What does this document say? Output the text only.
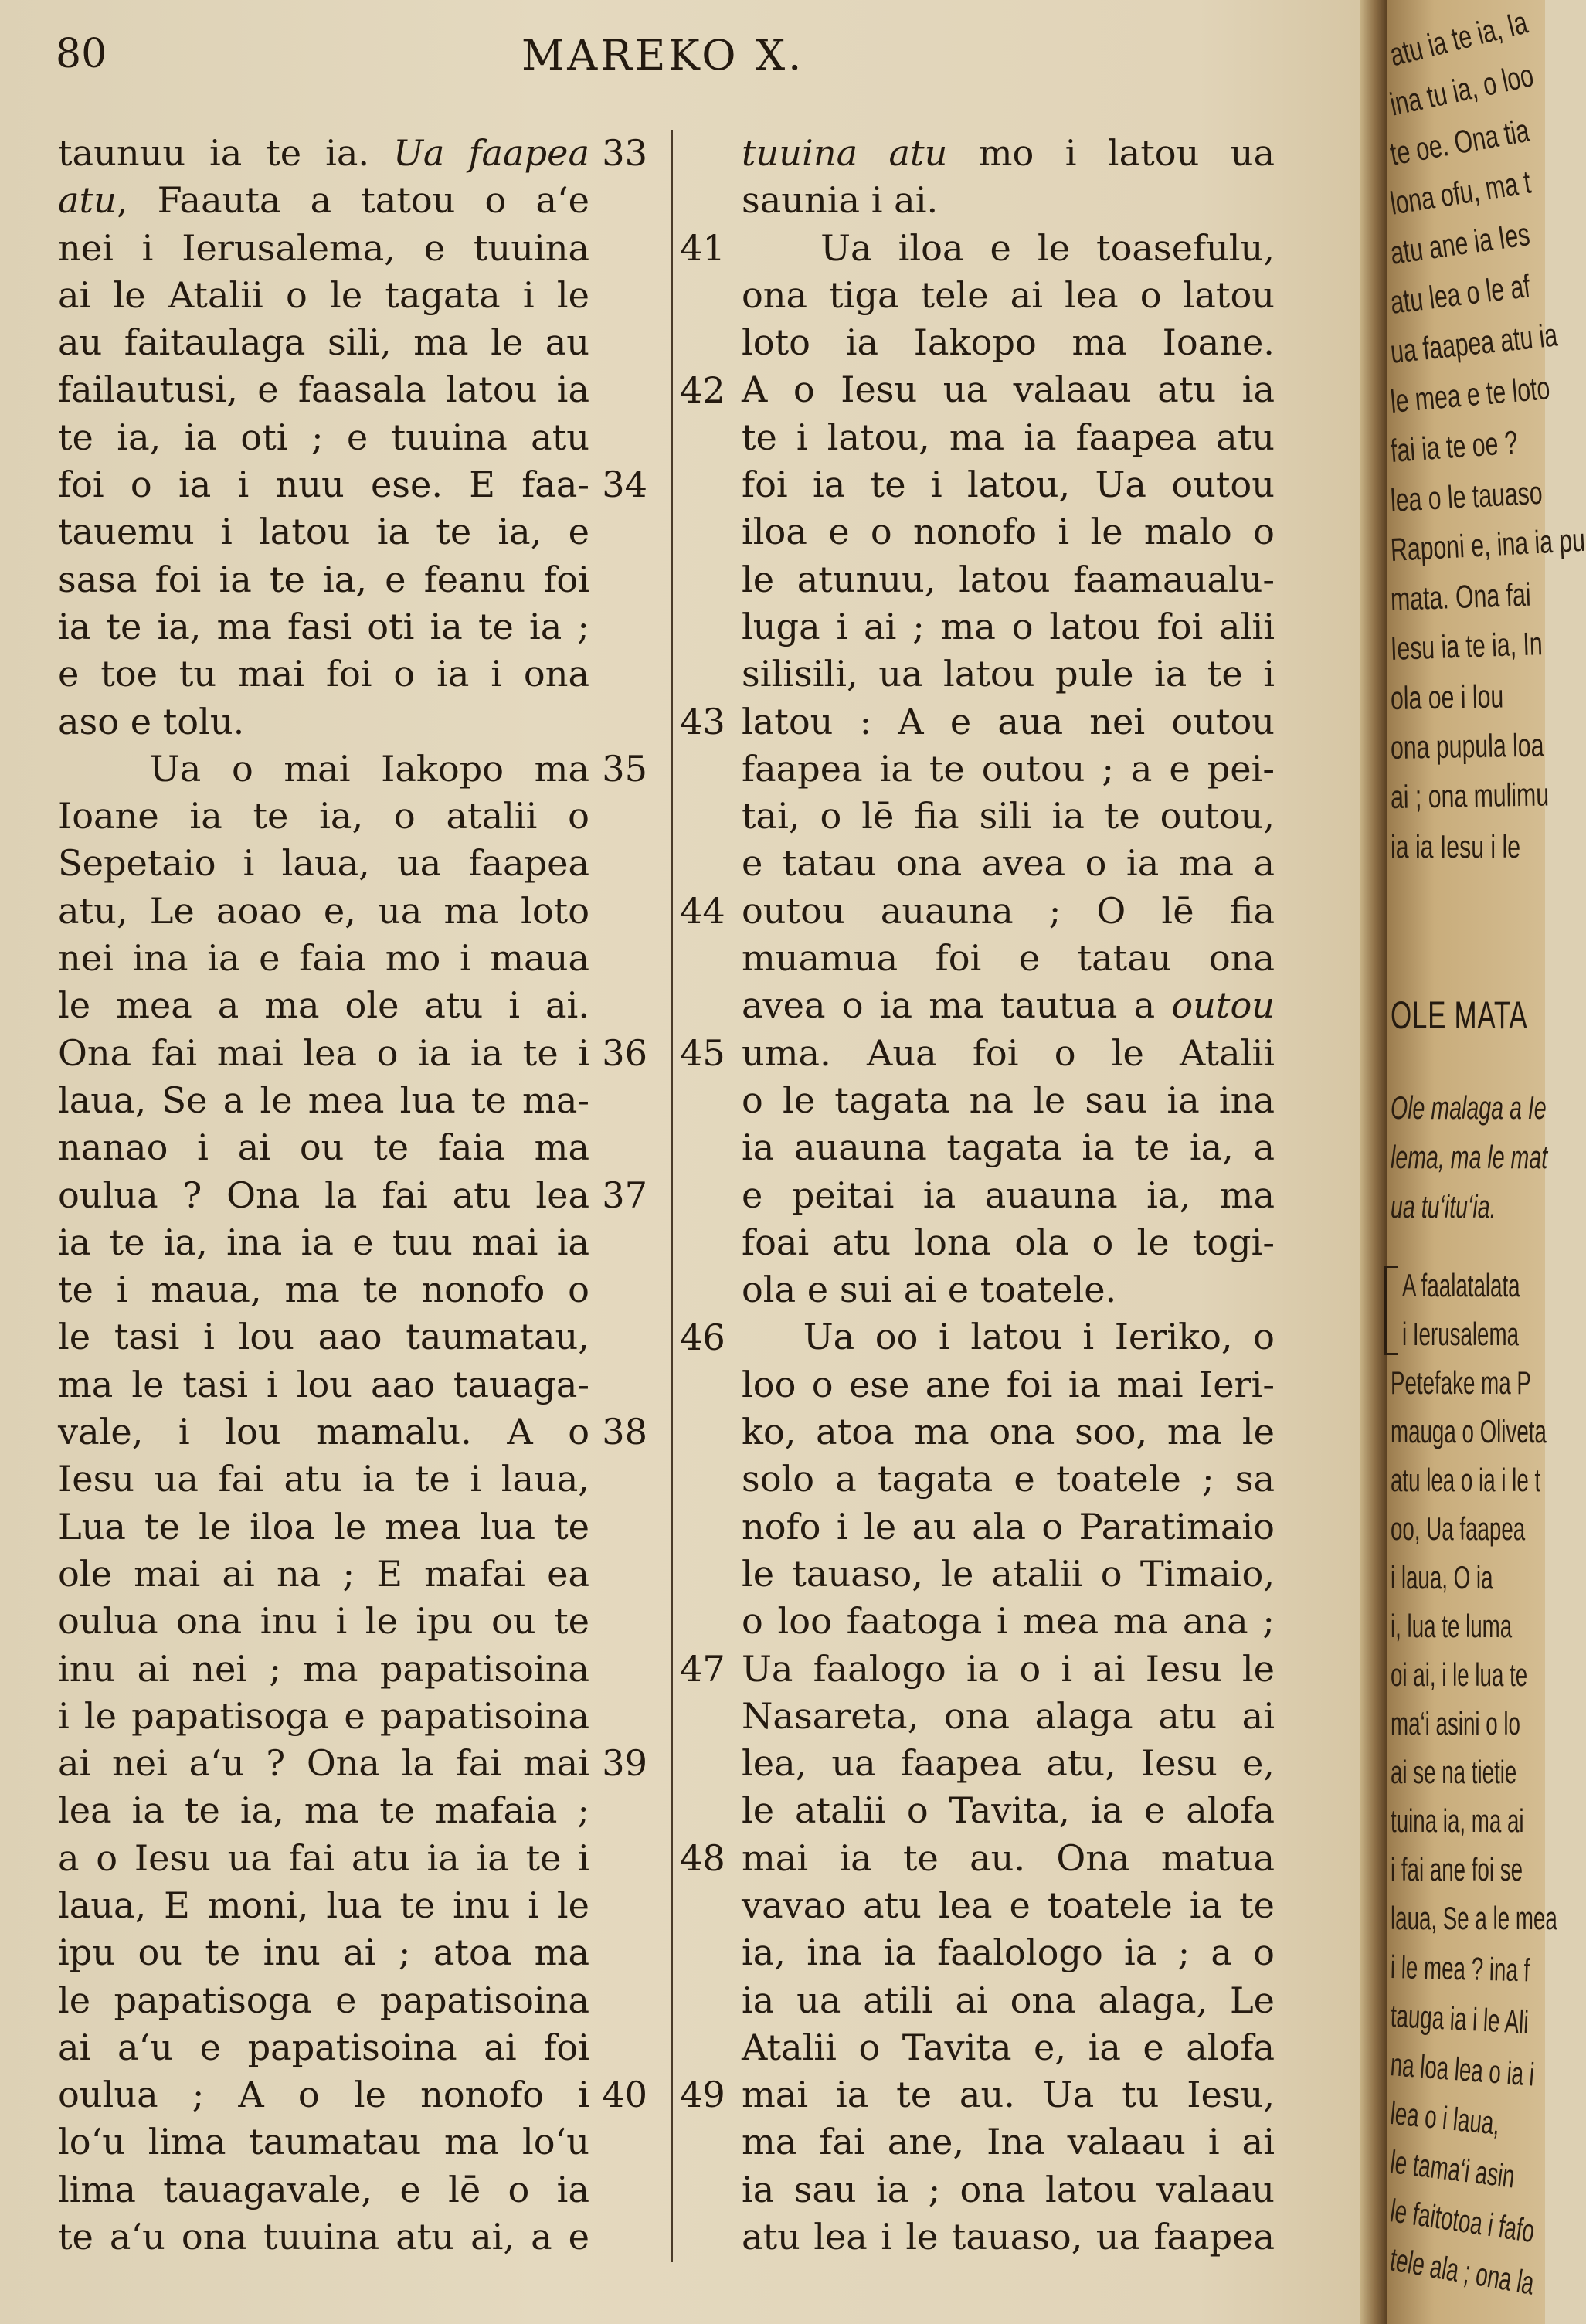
80	MAREKO X.
taunuu ia te ia. Ua faapea
atu, Faauta a tatou o a‘e
nei i Ierusalema, e tuuina
ai le Atalii o le tagata i le
au faitaulaga sili, ma le au
failautusi, e faasala latou ia
te ia, ia oti ; e tuuina atu
foi o ia i nuu ese. E faa-
tauemu i latou ia te ia, e
sasa foi ia te ia, e feanu foi
ia te ia, ma fasi oti ia te ia ;
e toe tu mai foi o ia i ona
aso e tolu.
Ua o mai Iakopo ma
Ioane ia te ia, o atalii o
Sepetaio i laua, ua faapea
atu, Le aoao e, ua ma loto
nei ina ia e faia mo i maua
le mea a ma ole atu i ai.
Ona fai mai lea o ia ia te i
laua, Se a le mea lua te ma-
nanao i ai ou te faia ma
oulua ? Ona la fai atu lea
ia te ia, ina ia e tuu mai ia
te i maua, ma te nonofo o
le tasi i lou aao taumatau,
ma le tasi i lou aao tauaga-
vale, i lou mamalu. A o
Iesu ua fai atu ia te i laua,
Lua te le iloa le mea lua te
ole mai ai na ; E mafai ea
oulua ona inu i le ipu ou te
inu ai nei ; ma papatisoina
i le papatisoga e papatisoina
ai nei a‘u ? Ona la fai mai
lea ia te ia, ma te mafaia ;
a o Iesu ua fai atu ia ia te i
laua, E moni, lua te inu i le
ipu ou te inu ai ; atoa ma
le papatisoga e papatisoina
ai a‘u e papatisoina ai foi
oulua ; A o le nonofo i
lo‘u lima taumatau ma lo‘u
lima tauagavale, e lē o ia
te a‘u ona tuuina atu ai, a e
33
34
35
36
37
38
39
40
tuuina atu mo i latou ua
saunia i ai.
Ua iloa e le toasefulu,
ona tiga tele ai lea o latou
loto ia Iakopo ma Ioane.
A o Iesu ua valaau atu ia
te i latou, ma ia faapea atu
foi ia te i latou, Ua outou
iloa e o nonofo i le malo o
le atunuu, latou faamaualu-
luga i ai ; ma o latou foi alii
silisili, ua latou pule ia te i
latou : A e aua nei outou
faapea ia te outou ; a e pei-
tai, o lē fia sili ia te outou,
e tatau ona avea o ia ma a
outou auauna ; O lē fia
muamua foi e tatau ona
avea o ia ma tautua a outou
uma. Aua foi o le Atalii
o le tagata na le sau ia ina
ia auauna tagata ia te ia, a
e peitai ia auauna ia, ma
foai atu lona ola o le togi-
ola e sui ai e toatele.
Ua oo i latou i Ieriko, o
loo o ese ane foi ia mai Ieri-
ko, atoa ma ona soo, ma le
solo a tagata e toatele ; sa
nofo i le au ala o Paratimaio
le tauaso, le atalii o Timaio,
o loo faatoga i mea ma ana ;
Ua faalogo ia o i ai Iesu le
Nasareta, ona alaga atu ai
lea, ua faapea atu, Iesu e,
le atalii o Tavita, ia e alofa
mai ia te au. Ona matua
vavao atu lea e toatele ia te
ia, ina ia faalologo ia ; a o
ia ua atili ai ona alaga, Le
Atalii o Tavita e, ia e alofa
mai ia te au. Ua tu Iesu,
ma fai ane, Ina valaau i ai
ia sau ia ; ona latou valaau
atu lea i le tauaso, ua faapea
41
42
43
44
45
46
47
48
49
atu ia te ia, Ia
ina tu ia, o loo
te oe. Ona tia
lona ofu, ma t
atu ane ia Ies
atu lea o le af
ua faapea atu ia
le mea e te loto
fai ia te oe ?
lea o le tauaso
Raponi e, ina ia pu
mata. Ona fai
Iesu ia te ia, In
ola oe i lou
ona pupula loa
ai ; ona mulimu
ia ia Iesu i le
OLE MATA
Ole malaga a Ie
lema, ma le mat
ua tu‘itu‘ia.
A faalatalata
i Ierusalema
Petefake ma P
mauga o Oliveta
atu lea o ia i le t
oo, Ua faapea
i laua, O ia
i, lua te luma
oi ai, i le lua te
ma‘i asini o lo
ai se na tietie
tuina ia, ma ai
i fai ane foi se
laua, Se a le mea
i le mea ? ina f
tauga ia i le Ali
na loa lea o ia i
lea o i laua,
le tama‘i asin
le faitotoa i fafo
tele ala ; ona la
